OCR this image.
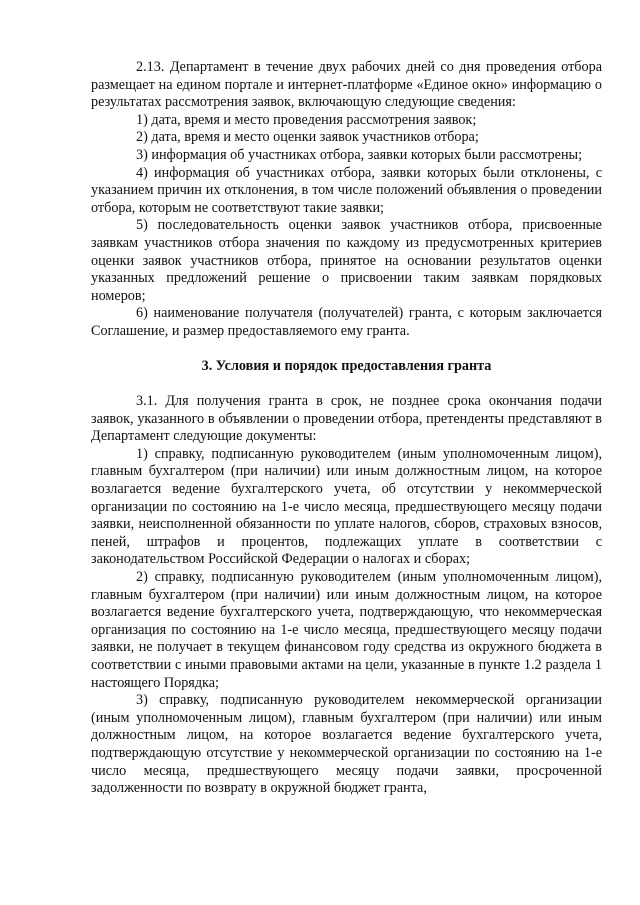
2.13. Департамент в течение двух рабочих дней со дня проведения отбора размещает на едином портале и интернет-платформе «Единое окно» информацию о результатах рассмотрения заявок, включающую следующие сведения:

1) дата, время и место проведения рассмотрения заявок;

2) дата, время и место оценки заявок участников отбора;

3) информация об участниках отбора, заявки которых были рассмотрены;

4) информация об участниках отбора, заявки которых были отклонены, с указанием причин их отклонения, в том числе положений объявления о проведении отбора, которым не соответствуют такие заявки;

5) последовательность оценки заявок участников отбора, присвоенные заявкам участников отбора значения по каждому из предусмотренных критериев оценки заявок участников отбора, принятое на основании результатов оценки указанных предложений решение о присвоении таким заявкам порядковых номеров;

6) наименование получателя (получателей) гранта, с которым заключается Соглашение, и размер предоставляемого ему гранта.

3. Условия и порядок предоставления гранта

3.1. Для получения гранта в срок, не позднее срока окончания подачи заявок, указанного в объявлении о проведении отбора, претенденты представляют в Департамент следующие документы:

1) справку, подписанную руководителем (иным уполномоченным лицом), главным бухгалтером (при наличии) или иным должностным лицом, на которое возлагается ведение бухгалтерского учета, об отсутствии у некоммерческой организации по состоянию на 1-е число месяца, предшествующего месяцу подачи заявки, неисполненной обязанности по уплате налогов, сборов, страховых взносов, пеней, штрафов и процентов, подлежащих уплате в соответствии с законодательством Российской Федерации о налогах и сборах;

2) справку, подписанную руководителем (иным уполномоченным лицом), главным бухгалтером (при наличии) или иным должностным лицом, на которое возлагается ведение бухгалтерского учета, подтверждающую, что некоммерческая организация по состоянию на 1-е число месяца, предшествующего месяцу подачи заявки, не получает в текущем финансовом году средства из окружного бюджета в соответствии с иными правовыми актами на цели, указанные в пункте 1.2 раздела 1 настоящего Порядка;

3) справку, подписанную руководителем некоммерческой организации (иным уполномоченным лицом), главным бухгалтером (при наличии) или иным должностным лицом, на которое возлагается ведение бухгалтерского учета, подтверждающую отсутствие у некоммерческой организации по состоянию на 1-е число месяца, предшествующего месяцу подачи заявки, просроченной задолженности по возврату в окружной бюджет гранта,
